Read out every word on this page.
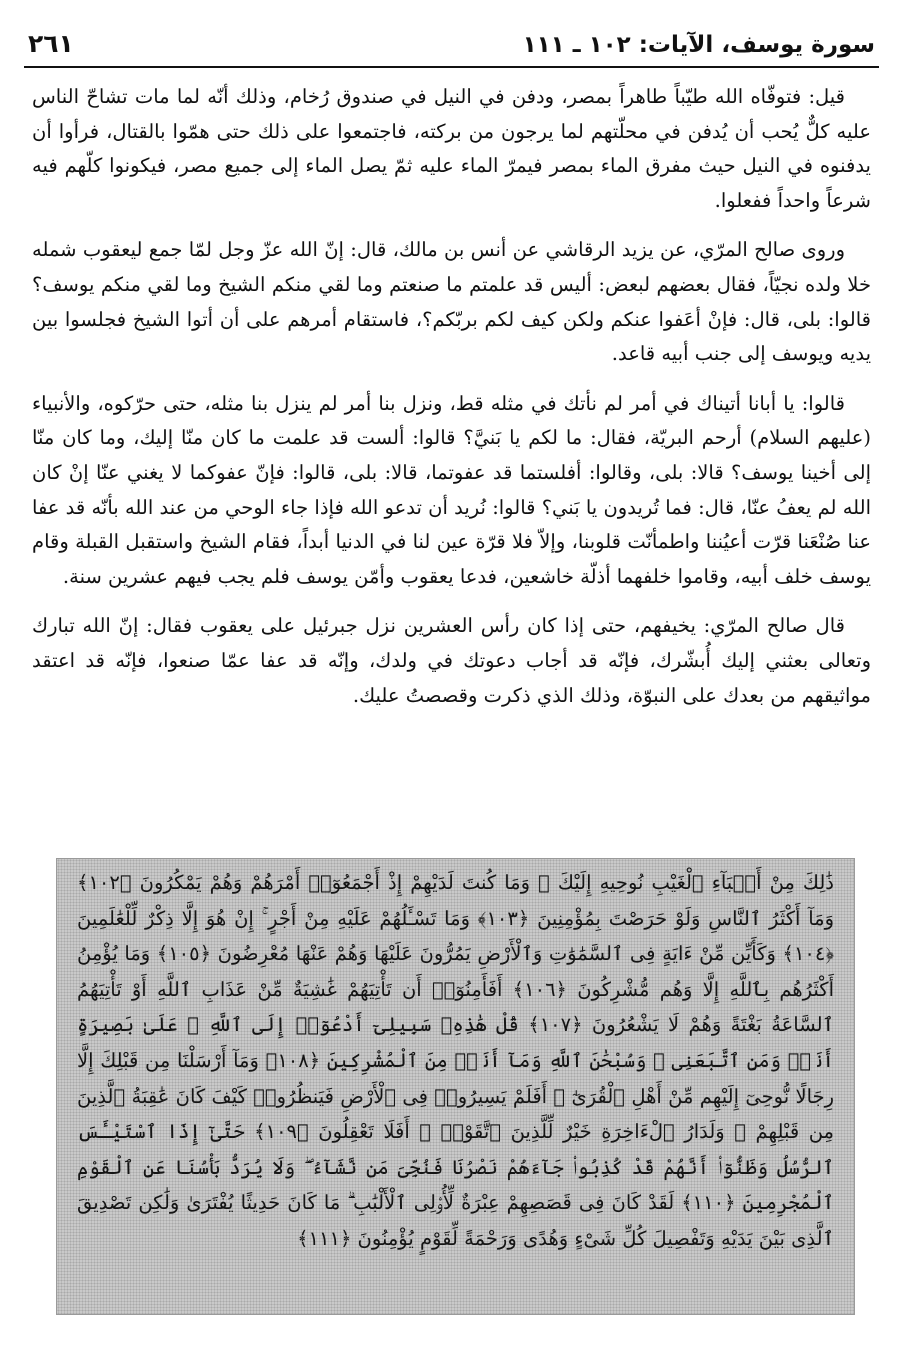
سورة يوسف، الآيات: ١٠٢ ـ ١١١
٢٦١

قيل: فتوفّاه الله طيّباً طاهراً بمصر، ودفن في النيل في صندوق رُخام، وذلك أنّه لما مات تشاحّ الناس عليه كلٌّ يُحب أن يُدفن في محلّتهم لما يرجون من بركته، فاجتمعوا على ذلك حتى همّوا بالقتال، فرأوا أن يدفنوه في النيل حيث مفرق الماء بمصر فيمرّ الماء عليه ثمّ يصل الماء إلى جميع مصر، فيكونوا كلّهم فيه شرعاً واحداً ففعلوا.

وروى صالح المرّي، عن يزيد الرقاشي عن أنس بن مالك، قال: إنّ الله عزّ وجل لمّا جمع ليعقوب شمله خلا ولده نجيّاً، فقال بعضهم لبعض: أليس قد علمتم ما صنعتم وما لقي منكم الشيخ وما لقي منكم يوسف؟ قالوا: بلى، قال: فإنْ أعَفوا عنكم ولكن كيف لكم بربّكم؟، فاستقام أمرهم على أن أتوا الشيخ فجلسوا بين يديه ويوسف إلى جنب أبيه قاعد.

قالوا: يا أبانا أتيناك في أمر لم نأتك في مثله قط، ونزل بنا أمر لم ينزل بنا مثله، حتى حرّكوه، والأنبياء (عليهم السلام) أرحم البريّة، فقال: ما لكم يا بَنيَّ؟ قالوا: ألست قد علمت ما كان منّا إليك، وما كان منّا إلى أخينا يوسف؟ قالا: بلى، وقالوا: أفلستما قد عفوتما، قالا: بلى، قالوا: فإنّ عفوكما لا يغني عنّا إنْ كان الله لم يعفُ عنّا، قال: فما تُريدون يا بَني؟ قالوا: نُريد أن تدعو الله فإذا جاء الوحي من عند الله بأنّه قد عفا عنا صُنْعَنا قرّت أعيُننا واطمأنّت قلوبنا، وإلاّ فلا قرّة عين لنا في الدنيا أبداً، فقام الشيخ واستقبل القبلة وقام يوسف خلف أبيه، وقاموا خلفهما أذلّة خاشعين، فدعا يعقوب وأمّن يوسف فلم يجب فيهم عشرين سنة.

قال صالح المرّي: يخيفهم، حتى إذا كان رأس العشرين نزل جبرئيل على يعقوب فقال: إنّ الله تبارك وتعالى بعثني إليك أُبشّرك، فإنّه قد أجاب دعوتك في ولدك، وإنّه قد عفا عمّا صنعوا، فإنّه قد اعتقد مواثيقهم من بعدك على النبوّة، وذلك الذي ذكرت وقصصتُ عليك.

ذَٰلِكَ مِنْ أَنۢبَآءِ ٱلْغَيْبِ نُوحِيهِ إِلَيْكَ ۖ وَمَا كُنتَ لَدَيْهِمْ إِذْ أَجْمَعُوٓا۟ أَمْرَهُمْ وَهُمْ يَمْكُرُونَ ﴿١٠٢﴾ وَمَآ أَكْثَرُ ٱلنَّاسِ وَلَوْ حَرَصْتَ بِمُؤْمِنِينَ ﴿١٠٣﴾ وَمَا تَسْـَٔلُهُمْ عَلَيْهِ مِنْ أَجْرٍ ۚ إِنْ هُوَ إِلَّا ذِكْرٌ لِّلْعَٰلَمِينَ ﴿١٠٤﴾ وَكَأَيِّن مِّنْ ءَايَةٍ فِى ٱلسَّمَٰوَٰتِ وَٱلْأَرْضِ يَمُرُّونَ عَلَيْهَا وَهُمْ عَنْهَا مُعْرِضُونَ ﴿١٠٥﴾ وَمَا يُؤْمِنُ أَكْثَرُهُم بِٱللَّهِ إِلَّا وَهُم مُّشْرِكُونَ ﴿١٠٦﴾ أَفَأَمِنُوٓا۟ أَن تَأْتِيَهُمْ غَٰشِيَةٌ مِّنْ عَذَابِ ٱللَّهِ أَوْ تَأْتِيَهُمُ ٱلسَّاعَةُ بَغْتَةً وَهُمْ لَا يَشْعُرُونَ ﴿١٠٧﴾ قُلْ هَٰذِهِۦ سَبِيلِىٓ أَدْعُوٓا۟ إِلَى ٱللَّهِ ۚ عَلَىٰ بَصِيرَةٍ أَنَا۠ وَمَنِ ٱتَّبَعَنِى ۖ وَسُبْحَٰنَ ٱللَّهِ وَمَآ أَنَا۠ مِنَ ٱلْمُشْرِكِينَ ﴿١٠٨﴾ وَمَآ أَرْسَلْنَا مِن قَبْلِكَ إِلَّا رِجَالًا نُّوحِىٓ إِلَيْهِم مِّنْ أَهْلِ ٱلْقُرَىٰٓ ۗ أَفَلَمْ يَسِيرُوا۟ فِى ٱلْأَرْضِ فَيَنظُرُوا۟ كَيْفَ كَانَ عَٰقِبَةُ ٱلَّذِينَ مِن قَبْلِهِمْ ۗ وَلَدَارُ ٱلْءَاخِرَةِ خَيْرٌ لِّلَّذِينَ ٱتَّقَوْا۟ ۗ أَفَلَا تَعْقِلُونَ ﴿١٠٩﴾ حَتَّىٰٓ إِذَا ٱسْتَيْـَٔسَ ٱلرُّسُلُ وَظَنُّوٓا۟ أَنَّهُمْ قَدْ كُذِبُوا۟ جَآءَهُمْ نَصْرُنَا فَنُجِّىَ مَن نَّشَآءُ ۖ وَلَا يُرَدُّ بَأْسُنَا عَنِ ٱلْقَوْمِ ٱلْمُجْرِمِينَ ﴿١١٠﴾ لَقَدْ كَانَ فِى قَصَصِهِمْ عِبْرَةٌ لِّأُو۟لِى ٱلْأَلْبَٰبِ ۗ مَا كَانَ حَدِيثًا يُفْتَرَىٰ وَلَٰكِن تَصْدِيقَ ٱلَّذِى بَيْنَ يَدَيْهِ وَتَفْصِيلَ كُلِّ شَىْءٍ وَهُدًى وَرَحْمَةً لِّقَوْمٍ يُؤْمِنُونَ ﴿١١١﴾
